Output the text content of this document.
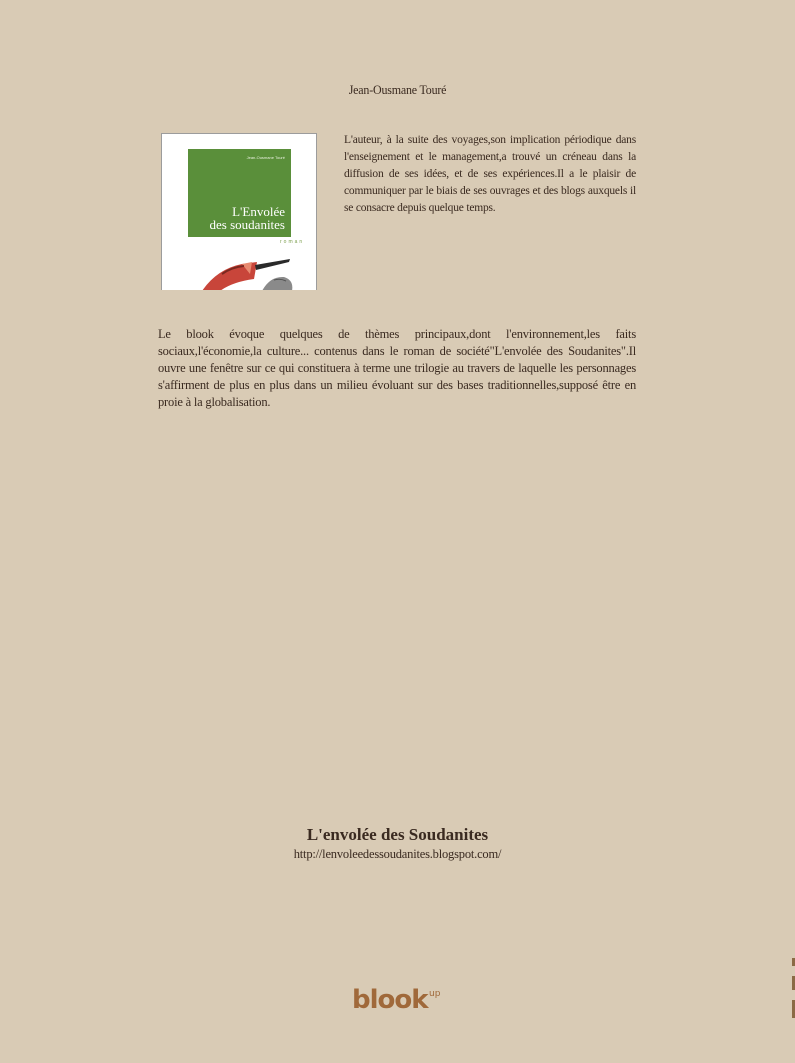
Jean-Ousmane Touré
Jean-Ousmane Touré
L'Envolée
des soudanites
roman
L'auteur, à la suite des voyages,son implication périodique dans l'enseignement et le management,a trouvé un créneau dans la diffusion de ses idées, et de ses expériences.Il a le plaisir de communiquer par le biais de ses ouvrages et des blogs auxquels il se consacre depuis quelque temps.
Le blook évoque quelques de thèmes principaux,dont l'environnement,les faits sociaux,l'économie,la culture... contenus dans le roman de société"L'envolée des Soudanites".Il ouvre une fenêtre sur ce qui constituera à terme une trilogie au travers de laquelle les personnages s'affirment de plus en plus dans un milieu évoluant sur des bases traditionnelles,supposé être en proie à la globalisation.
L'envolée des Soudanites
http://lenvoleedessoudanites.blogspot.com/
blook up
